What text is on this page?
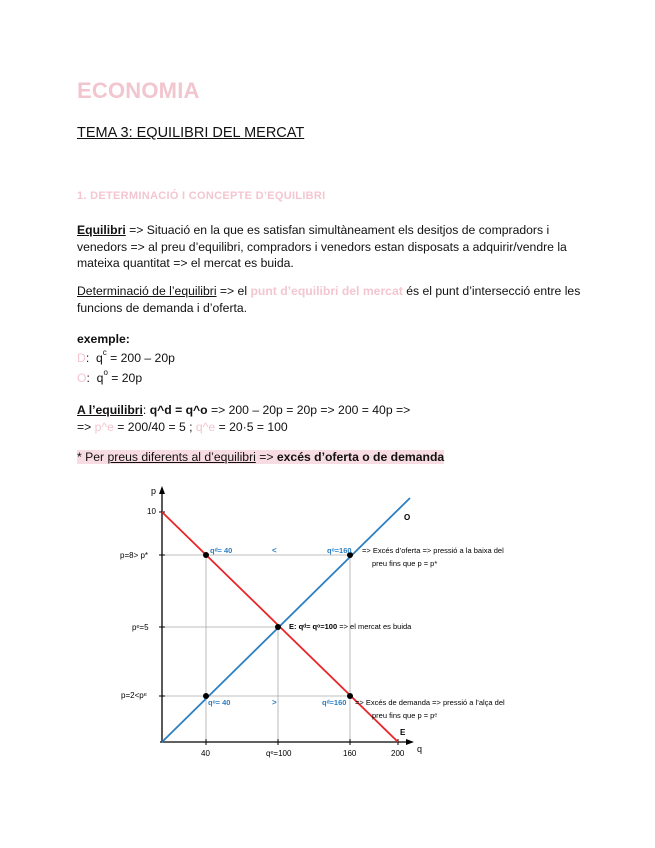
ECONOMIA
TEMA 3: EQUILIBRI DEL MERCAT
1. DETERMINACIÓ I CONCEPTE D’EQUILIBRI
Equilibri => Situació en la que es satisfan simultàneament els desitjos de compradors i
venedors => al preu d’equilibri, compradors i venedors estan disposats a adquirir/vendre la
mateixa quantitat => el mercat es buida.
Determinació de l’equilibri => el punt d’equilibri del mercat és el punt d’intersecció entre les
funcions de demanda i d’oferta.
exemple:
D:  $q^c = 200 - 20p$
O:  $q^o = 20p$
A l’equilibri: q^d = q^o => 200 – 20p = 20p => 200 = 40p =>
=> p^e = 200/40 = 5 ; q^e = 20·5 = 100
* Per preus diferents al d’equilibri => excés d’oferta o de demanda
p
q
10
p=8> p*
pᵉ=5
p=2<pᵉ
40	qᵉ=100	160	200
O
E
qᵈ= 40	<	qᵒ=160 => Excés d’oferta => pressió a la baixa del
preu fins que p = p*
E: qᵈ= qᵒ=100 => el mercat es buida
qᵒ= 40	>	qᵈ=160 => Excés de demanda => pressió a l’alça del
preu fins que p = pᵉ
